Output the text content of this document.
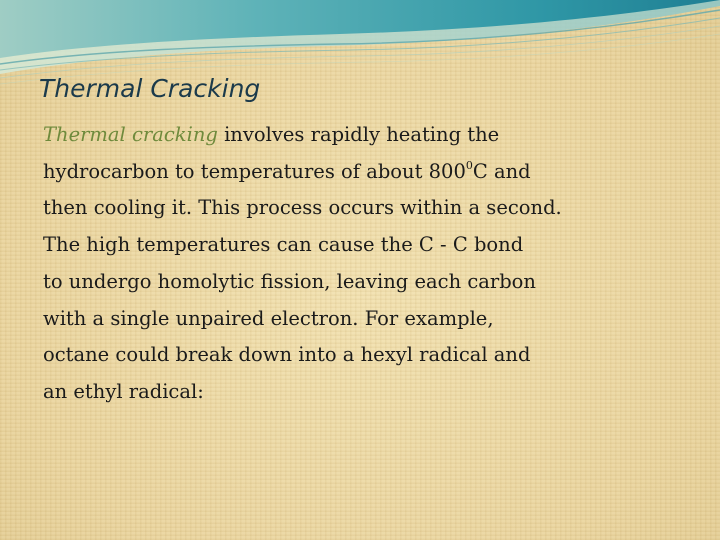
Thermal Cracking

Thermal cracking involves rapidly heating the
hydrocarbon to temperatures of about $800^0C$ and
then cooling it. This process occurs within a second.
The high temperatures can cause the C - C bond
to undergo homolytic fission, leaving each carbon
with a single unpaired electron. For example,
octane could break down into a hexyl radical and
an ethyl radical:
